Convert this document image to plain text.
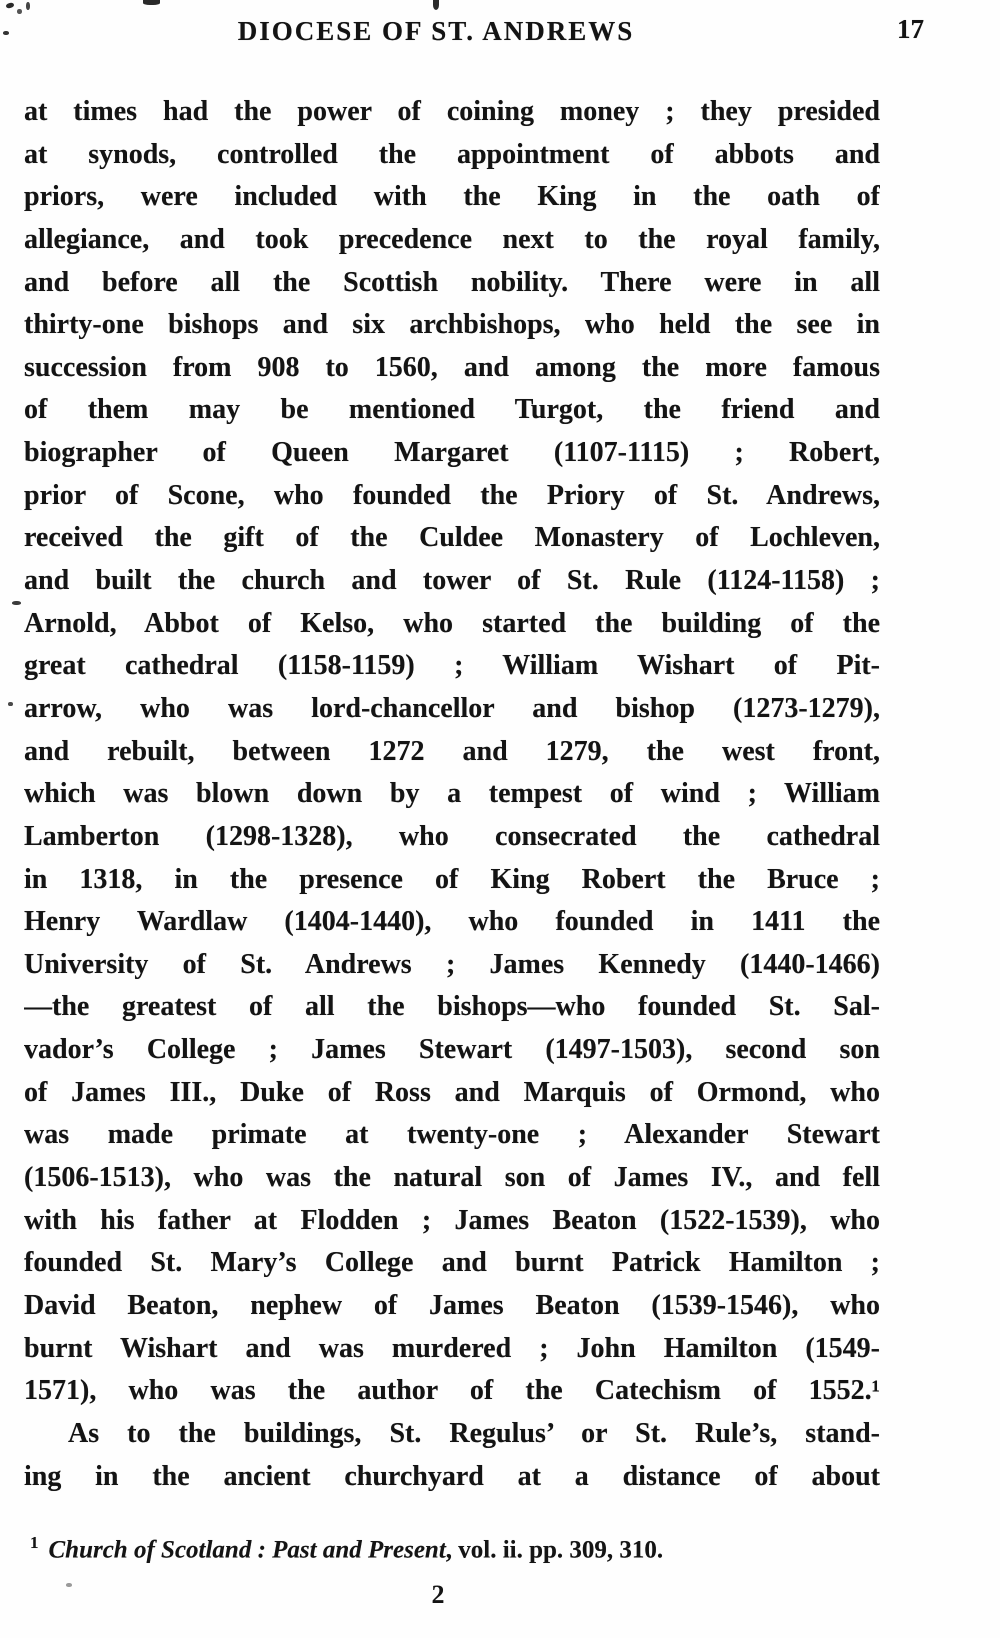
DIOCESE OF ST. ANDREWS	17
at times had the power of coining money ; they presided
at synods, controlled the appointment of abbots and
priors, were included with the King in the oath of
allegiance, and took precedence next to the royal family,
and before all the Scottish nobility. There were in all
thirty-one bishops and six archbishops, who held the see in
succession from 908 to 1560, and among the more famous
of them may be mentioned Turgot, the friend and
biographer of Queen Margaret (1107-1115) ; Robert,
prior of Scone, who founded the Priory of St. Andrews,
received the gift of the Culdee Monastery of Lochleven,
and built the church and tower of St. Rule (1124-1158) ;
Arnold, Abbot of Kelso, who started the building of the
great cathedral (1158-1159) ; William Wishart of Pit-
arrow, who was lord-chancellor and bishop (1273-1279),
and rebuilt, between 1272 and 1279, the west front,
which was blown down by a tempest of wind ; William
Lamberton (1298-1328), who consecrated the cathedral
in 1318, in the presence of King Robert the Bruce ;
Henry Wardlaw (1404-1440), who founded in 1411 the
University of St. Andrews ; James Kennedy (1440-1466)
—the greatest of all the bishops—who founded St. Sal-
vador’s College ; James Stewart (1497-1503), second son
of James III., Duke of Ross and Marquis of Ormond, who
was made primate at twenty-one ; Alexander Stewart
(1506-1513), who was the natural son of James IV., and fell
with his father at Flodden ; James Beaton (1522-1539), who
founded St. Mary’s College and burnt Patrick Hamilton ;
David Beaton, nephew of James Beaton (1539-1546), who
burnt Wishart and was murdered ; John Hamilton (1549-
1571), who was the author of the Catechism of 1552.¹
As to the buildings, St. Regulus’ or St. Rule’s, stand-
ing in the ancient churchyard at a distance of about
$^1$ Church of Scotland : Past and Present, vol. ii. pp. 309, 310.
2
